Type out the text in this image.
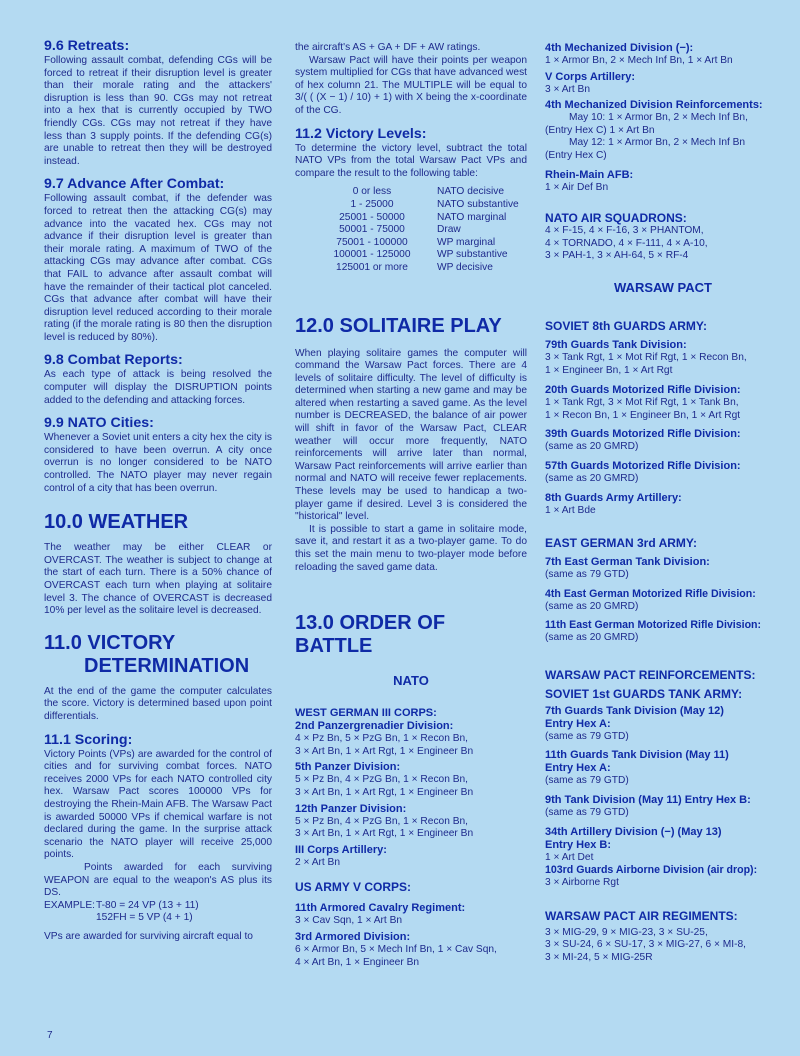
9.6 Retreats:

Following assault combat, defending CGs will be forced to retreat if their disruption level is greater than their morale rating and the attackers' disruption is less than 90. CGs may not retreat into a hex that is currently occupied by TWO friendly CGs. CGs may not retreat if they have less than 3 supply points. If the defending CG(s) are unable to retreat then they will be destroyed instead.

9.7 Advance After Combat:

Following assault combat, if the defender was forced to retreat then the attacking CG(s) may advance into the vacated hex. CGs may not advance if their disruption level is greater than their morale rating. A maximum of TWO of the attacking CGs may advance after combat. CGs that FAIL to advance after assault combat will have the remainder of their tactical plot canceled. CGs that advance after combat will have their disruption level reduced according to their morale rating (if the morale rating is 80 then the disruption level is reduced by 80%).

9.8 Combat Reports:

As each type of attack is being resolved the computer will display the DISRUPTION points added to the defending and attacking forces.

9.9 NATO Cities:

Whenever a Soviet unit enters a city hex the city is considered to have been overrun. A city once overrun is no longer considered to be NATO controlled. The NATO player may never regain control of a city that has been overrun.

10.0 WEATHER

The weather may be either CLEAR or OVERCAST. The weather is subject to change at the start of each turn. There is a 50% chance of OVERCAST each turn when playing at solitaire level 3. The chance of OVERCAST is decreased 10% per level as the solitaire level is decreased.

11.0 VICTORY
DETERMINATION

At the end of the game the computer calculates the score. Victory is determined based upon point differentials.

11.1 Scoring:

Victory Points (VPs) are awarded for the control of cities and for surviving combat forces. NATO receives 2000 VPs for each NATO controlled city hex. Warsaw Pact scores 100000 VPs for destroying the Rhein-Main AFB. The Warsaw Pact is awarded 50000 VPs if chemical warfare is not declared during the game. In the surprise attack scenario the NATO player will receive 25,000 points.

Points awarded for each surviving WEAPON are equal to the weapon's AS plus its DS.

EXAMPLE: T-80 = 24 VP (13 + 11)
152FH = 5 VP (4 + 1)

VPs are awarded for surviving aircraft equal to

the aircraft's AS + GA + DF + AW ratings.

Warsaw Pact will have their points per weapon system multiplied for CGs that have advanced west of hex column 21. The MULTIPLE will be equal to 3/( ( (X − 1) / 10) + 1) with X being the x-coordinate of the CG.

11.2 Victory Levels:

To determine the victory level, subtract the total NATO VPs from the total Warsaw Pact VPs and compare the result to the following table:

0 or less	NATO decisive
1 - 25000	NATO substantive
25001 - 50000	NATO marginal
50001 - 75000	Draw
75001 - 100000	WP marginal
100001 - 125000	WP substantive
125001 or more	WP decisive
12.0 SOLITAIRE PLAY

When playing solitaire games the computer will command the Warsaw Pact forces. There are 4 levels of solitaire difficulty. The level of difficulty is determined when starting a new game and may be altered when restarting a saved game. As the level number is DECREASED, the balance of air power will shift in favor of the Warsaw Pact, CLEAR weather will occur more frequently, NATO reinforcements will arrive later than normal, Warsaw Pact reinforcements will arrive earlier than normal and NATO will receive fewer replacements. These levels may be used to handicap a two-player game if desired. Level 3 is considered the "historical" level.

It is possible to start a game in solitaire mode, save it, and restart it as a two-player game. To do this set the main menu to two-player mode before reloading the saved game data.

13.0 ORDER OF BATTLE
NATO
WEST GERMAN III CORPS:
2nd Panzergrenadier Division:
4 × Pz Bn, 5 × PzG Bn, 1 × Recon Bn,
3 × Art Bn, 1 × Art Rgt, 1 × Engineer Bn
5th Panzer Division:
5 × Pz Bn, 4 × PzG Bn, 1 × Recon Bn,
3 × Art Bn, 1 × Art Rgt, 1 × Engineer Bn
12th Panzer Division:
5 × Pz Bn, 4 × PzG Bn, 1 × Recon Bn,
3 × Art Bn, 1 × Art Rgt, 1 × Engineer Bn
III Corps Artillery:
2 × Art Bn
US ARMY V CORPS:
11th Armored Cavalry Regiment:
3 × Cav Sqn, 1 × Art Bn
3rd Armored Division:
6 × Armor Bn, 5 × Mech Inf Bn, 1 × Cav Sqn,
4 × Art Bn, 1 × Engineer Bn
4th Mechanized Division (−):
1 × Armor Bn, 2 × Mech Inf Bn, 1 × Art Bn
V Corps Artillery:
3 × Art Bn
4th Mechanized Division Reinforcements:
May 10: 1 × Armor Bn, 2 × Mech Inf Bn,
(Entry Hex C) 1 × Art Bn
May 12: 1 × Armor Bn, 2 × Mech Inf Bn
(Entry Hex C)
Rhein-Main AFB:
1 × Air Def Bn
NATO AIR SQUADRONS:
4 × F-15, 4 × F-16, 3 × PHANTOM,
4 × TORNADO, 4 × F-111, 4 × A-10,
3 × PAH-1, 3 × AH-64, 5 × RF-4
WARSAW PACT
SOVIET 8th GUARDS ARMY:
79th Guards Tank Division:
3 × Tank Rgt, 1 × Mot Rif Rgt, 1 × Recon Bn,
1 × Engineer Bn, 1 × Art Rgt
20th Guards Motorized Rifle Division:
1 × Tank Rgt, 3 × Mot Rif Rgt, 1 × Tank Bn,
1 × Recon Bn, 1 × Engineer Bn, 1 × Art Rgt
39th Guards Motorized Rifle Division:
(same as 20 GMRD)
57th Guards Motorized Rifle Division:
(same as 20 GMRD)
8th Guards Army Artillery:
1 × Art Bde
EAST GERMAN 3rd ARMY:
7th East German Tank Division:
(same as 79 GTD)
4th East German Motorized Rifle Division:
(same as 20 GMRD)
11th East German Motorized Rifle Division:
(same as 20 GMRD)
WARSAW PACT REINFORCEMENTS:
SOVIET 1st GUARDS TANK ARMY:
7th Guards Tank Division (May 12)
Entry Hex A:
(same as 79 GTD)
11th Guards Tank Division (May 11)
Entry Hex A:
(same as 79 GTD)
9th Tank Division (May 11) Entry Hex B:
(same as 79 GTD)
34th Artillery Division (−) (May 13)
Entry Hex B:
1 × Art Det
103rd Guards Airborne Division (air drop):
3 × Airborne Rgt
WARSAW PACT AIR REGIMENTS:
3 × MIG-29, 9 × MIG-23, 3 × SU-25,
3 × SU-24, 6 × SU-17, 3 × MIG-27, 6 × MI-8,
3 × MI-24, 5 × MIG-25R
7
